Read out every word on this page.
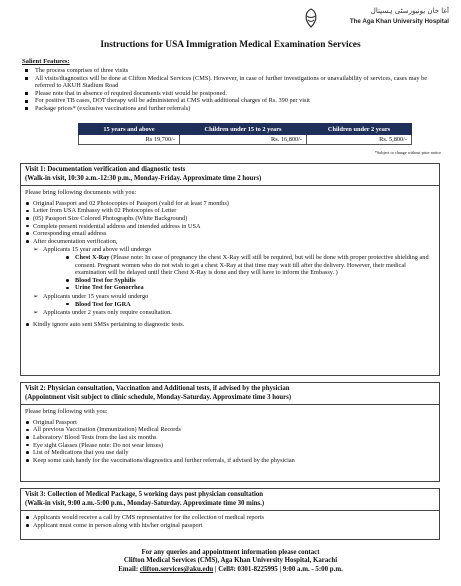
آغا خان یونیورسٹی ہسپتال
The Aga Khan University Hospital
Instructions for USA Immigration Medical Examination Services
Salient Features:
The process comprises of three visits
All visits/diagnostics will be done at Clifton Medical Services (CMS). However, in case of further investigations or unavailability of services, cases may be referred to AKUH Stadium Road
Please note that in absence of required documents visit would be postponed.
For positive TB cases, DOT therapy will be administered at CMS with additional charges of Rs. 390 per visit
Package prices* (exclusive vaccinations and further referrals)
15 years and above	Children under 15 to 2 years	Children under 2 years
Rs 19,700/-	Rs. 16,800/-	Rs. 5,800/-
*Subject to change without prior notice
Visit 1: Documentation verification and diagnostic tests
(Walk-in visit, 10:30 a.m.-12:30 p.m., Monday-Friday. Approximate time 2 hours)
Please bring following documents with you:
Original Passport and 02 Photocopies of Passport (valid for at least 7 months)
Letter from USA Embassy with 02 Photocopies of Letter
(05) Passport Size Colored Photographs (White Background)
Complete present residential address and intended address in USA
Corresponding email address
After documentation verification,
➢ Applicants 15 year and above will undergo
Chest X-Ray (Please note: In case of pregnancy the chest X-Ray will still be required, but will be done with proper protective shielding and consent. Pregnant women who do not wish to get a chest X-Ray at that time may wait till after the delivery. However, their medical examination will be delayed until their Chest X-Ray is done and they will have to inform the Embassy. )
Blood Test for Syphilis
Urine Test for Gonorrhea
➢ Applicants under 15 years would undergo
Blood Test for IGRA
➢ Applicants under 2 years only require consultation.
Kindly ignore auto sent SMSs pertaining to diagnostic tests.
Visit 2: Physician consultation, Vaccination and Additional tests, if advised by the physician
(Appointment visit subject to clinic schedule, Monday-Saturday. Approximate time 3 hours)
Please bring following with you:
Original Passport
All previous Vaccination (Immunization) Medical Records
Laboratory/ Blood Tests from the last six months
Eye sight Glasses (Please note: Do not wear lenses)
List of Medications that you use daily
Keep some cash handy for the vaccinations/diagnostics and further referrals, if advised by the physician
Visit 3: Collection of Medical Package, 5 working days post physician consultation
(Walk-in visit, 9:00 a.m.-5:00 p.m., Monday-Saturday. Approximate time 30 mins.)
Applicants would receive a call by CMS representative for the collection of medical reports
Applicant must come in person along with his/her original passport
For any queries and appointment information please contact
Clifton Medical Services (CMS), Aga Khan University Hospital, Karachi
Email: clifton.services@aku.edu | Cell#: 0301-8225995 | 9:00 a.m. - 5:00 p.m.
